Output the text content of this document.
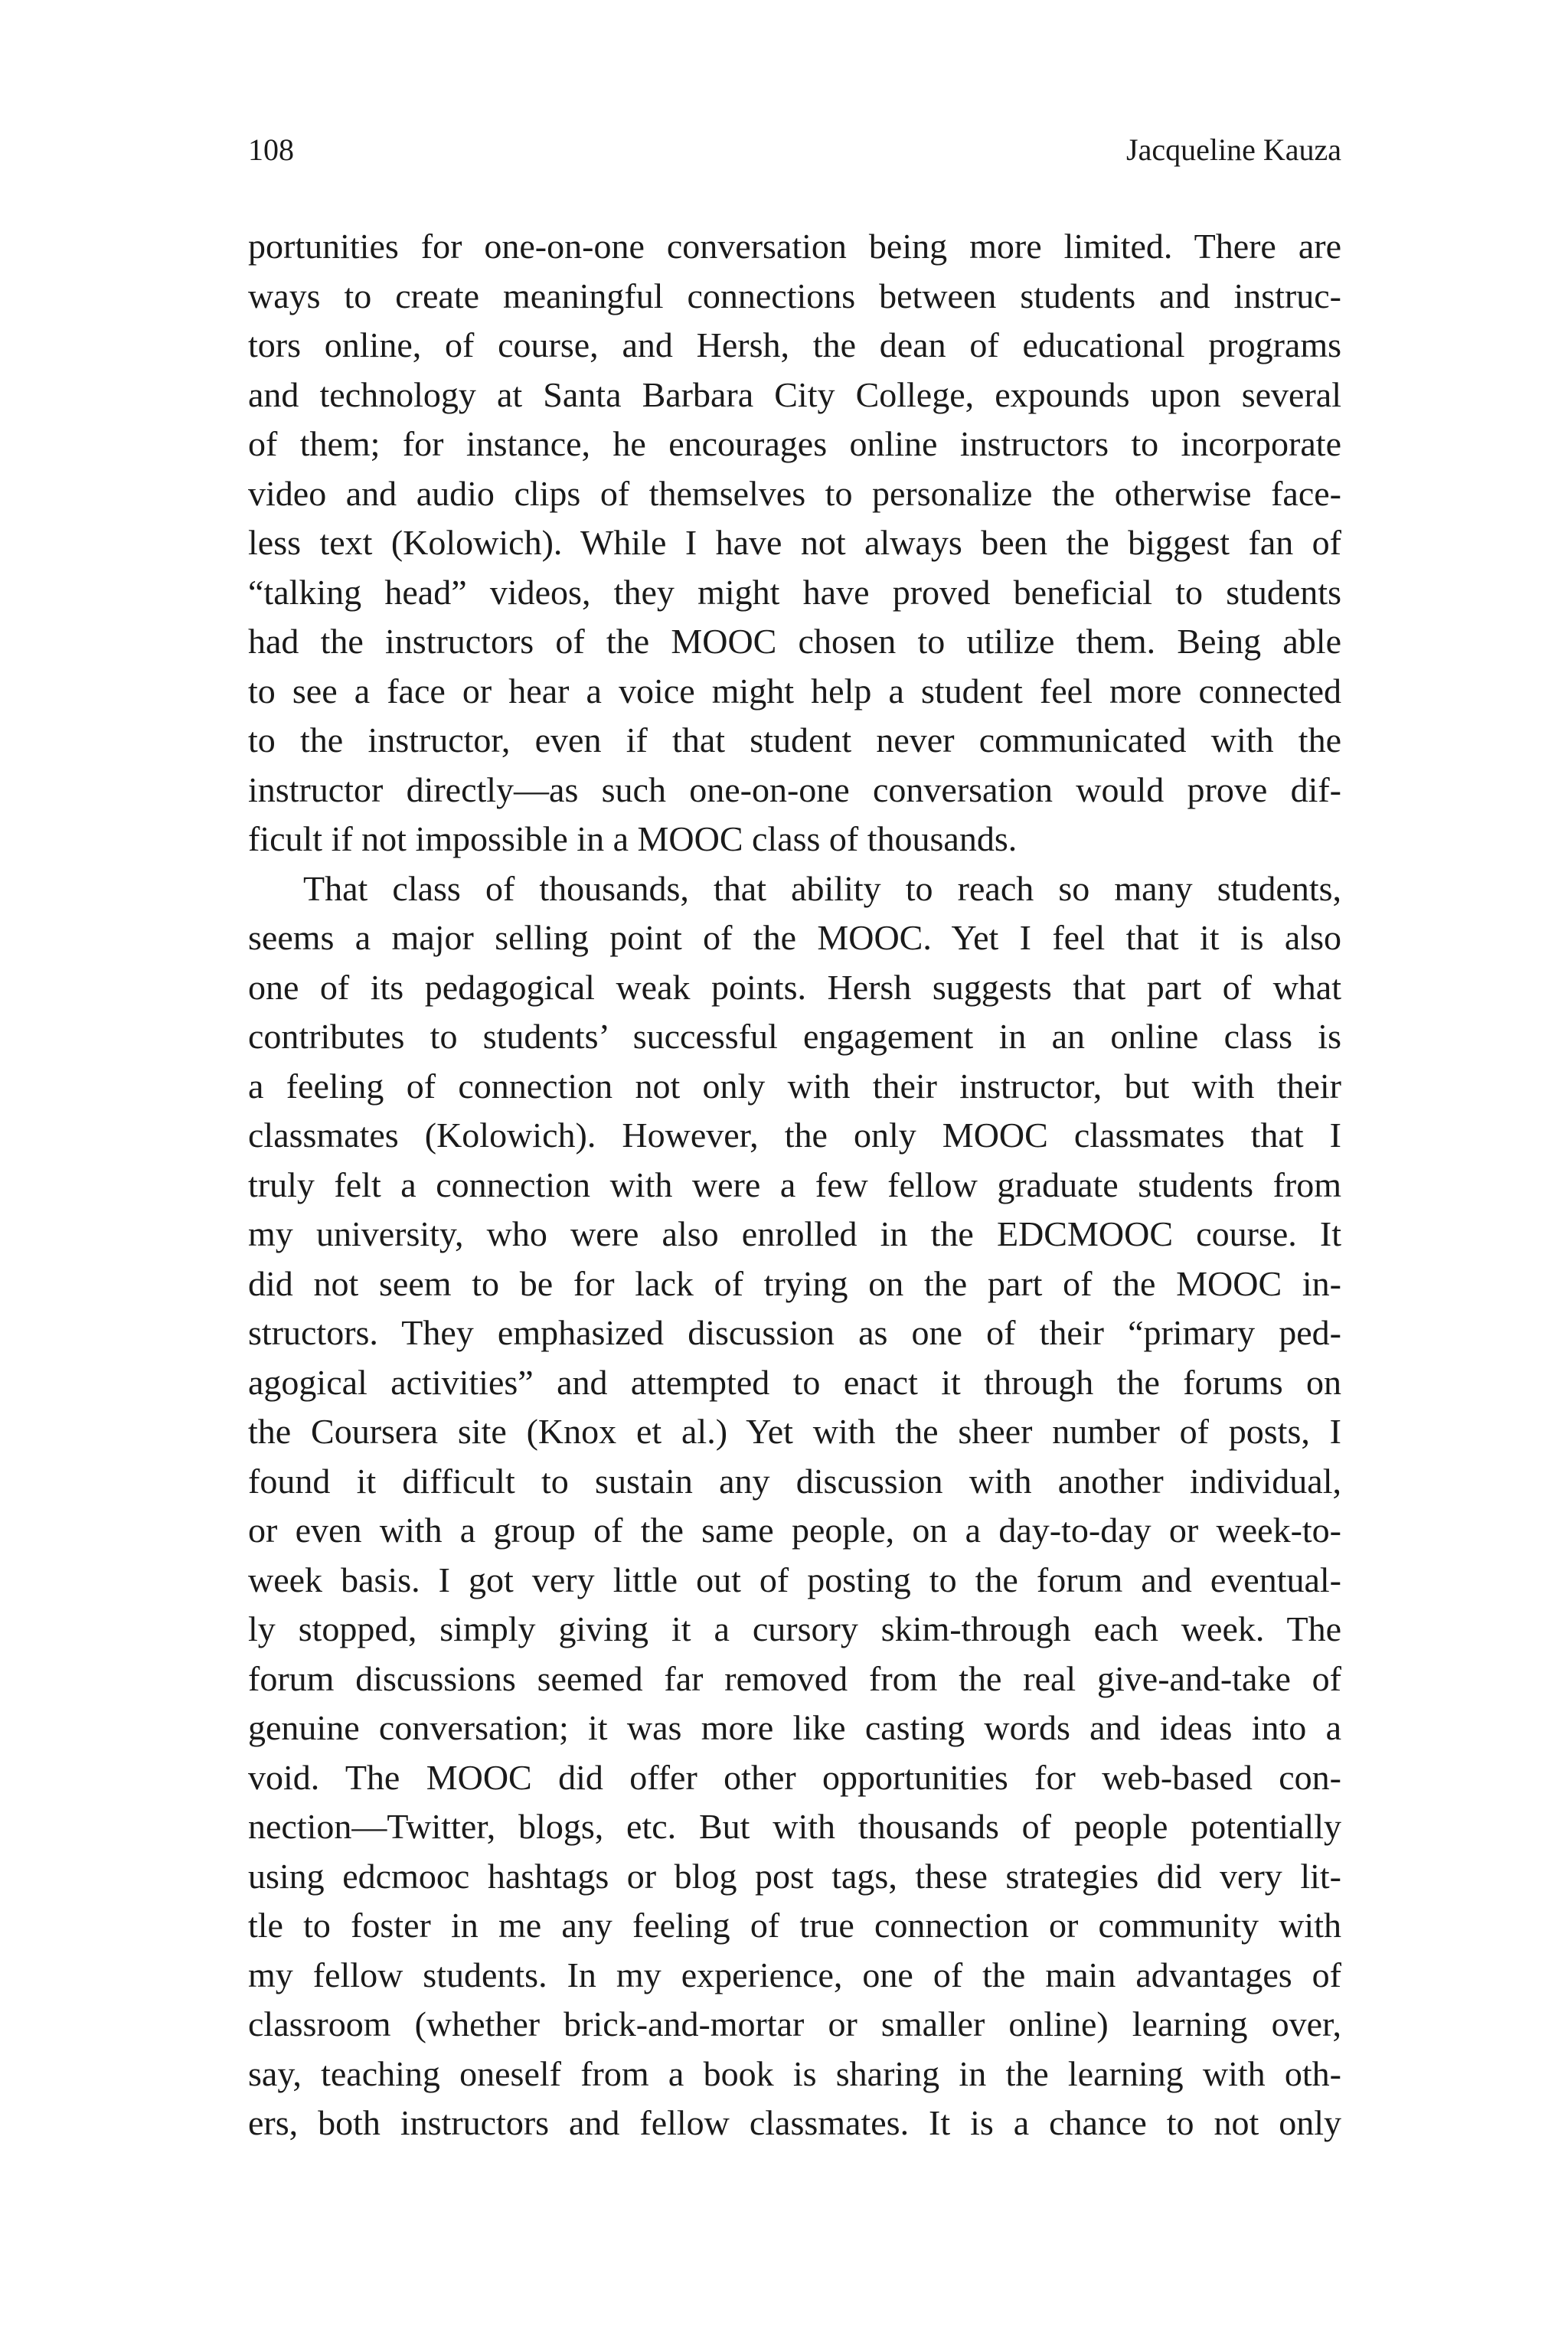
108	Jacqueline Kauza
portunities for one-on-one conversation being more limited. There are
ways to create meaningful connections between students and instruc-
tors online, of course, and Hersh, the dean of educational programs
and technology at Santa Barbara City College, expounds upon several
of them; for instance, he encourages online instructors to incorporate
video and audio clips of themselves to personalize the otherwise face-
less text (Kolowich). While I have not always been the biggest fan of
“talking head” videos, they might have proved beneficial to students
had the instructors of the MOOC chosen to utilize them. Being able
to see a face or hear a voice might help a student feel more connected
to the instructor, even if that student never communicated with the
instructor directly—as such one-on-one conversation would prove dif-
ficult if not impossible in a MOOC class of thousands.
That class of thousands, that ability to reach so many students,
seems a major selling point of the MOOC. Yet I feel that it is also
one of its pedagogical weak points. Hersh suggests that part of what
contributes to students’ successful engagement in an online class is
a feeling of connection not only with their instructor, but with their
classmates (Kolowich). However, the only MOOC classmates that I
truly felt a connection with were a few fellow graduate students from
my university, who were also enrolled in the EDCMOOC course. It
did not seem to be for lack of trying on the part of the MOOC in-
structors. They emphasized discussion as one of their “primary ped-
agogical activities” and attempted to enact it through the forums on
the Coursera site (Knox et al.) Yet with the sheer number of posts, I
found it difficult to sustain any discussion with another individual,
or even with a group of the same people, on a day-to-day or week-to-
week basis. I got very little out of posting to the forum and eventual-
ly stopped, simply giving it a cursory skim-through each week. The
forum discussions seemed far removed from the real give-and-take of
genuine conversation; it was more like casting words and ideas into a
void. The MOOC did offer other opportunities for web-based con-
nection—Twitter, blogs, etc. But with thousands of people potentially
using edcmooc hashtags or blog post tags, these strategies did very lit-
tle to foster in me any feeling of true connection or community with
my fellow students. In my experience, one of the main advantages of
classroom (whether brick-and-mortar or smaller online) learning over,
say, teaching oneself from a book is sharing in the learning with oth-
ers, both instructors and fellow classmates. It is a chance to not only
